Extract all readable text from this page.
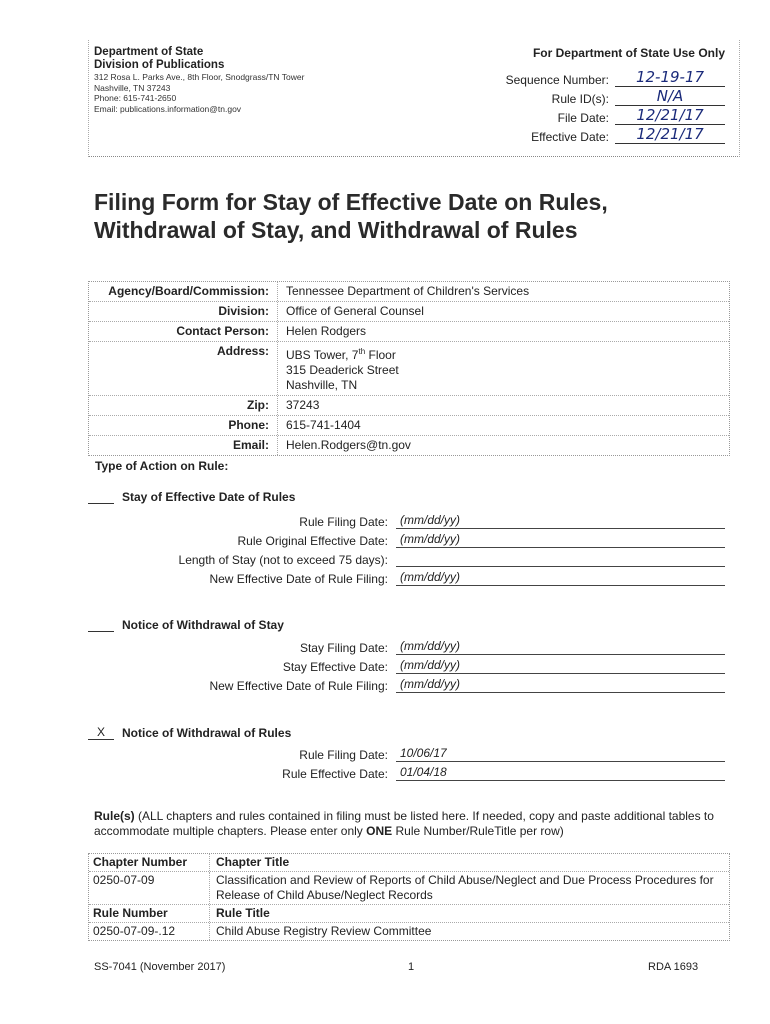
Department of State
Division of Publications
312 Rosa L. Parks Ave., 8th Floor, Snodgrass/TN Tower
Nashville, TN 37243
Phone: 615-741-2650
Email: publications.information@tn.gov
For Department of State Use Only
Sequence Number:	12-19-17
Rule ID(s):	N/A
File Date:	12/21/17
Effective Date:	12/21/17
Filing Form for Stay of Effective Date on Rules,
Withdrawal of Stay, and Withdrawal of Rules
Agency/Board/Commission:	Tennessee Department of Children's Services
Division:	Office of General Counsel
Contact Person:	Helen Rodgers
Address:	UBS Tower, 7th Floor
315 Deaderick Street
Nashville, TN
Zip:	37243
Phone:	615-741-1404
Email:	Helen.Rodgers@tn.gov
Type of Action on Rule:
Stay of Effective Date of Rules
Rule Filing Date:	(mm/dd/yy)
Rule Original Effective Date:	(mm/dd/yy)
Length of Stay (not to exceed 75 days):
New Effective Date of Rule Filing:	(mm/dd/yy)
Notice of Withdrawal of Stay
Stay Filing Date:	(mm/dd/yy)
Stay Effective Date:	(mm/dd/yy)
New Effective Date of Rule Filing:	(mm/dd/yy)
X	Notice of Withdrawal of Rules
Rule Filing Date:	10/06/17
Rule Effective Date:	01/04/18
Rule(s) (ALL chapters and rules contained in filing must be listed here. If needed, copy and paste additional tables to accommodate multiple chapters. Please enter only ONE Rule Number/RuleTitle per row)
Chapter Number	Chapter Title
0250-07-09	Classification and Review of Reports of Child Abuse/Neglect and Due Process Procedures for Release of Child Abuse/Neglect Records
Rule Number	Rule Title
0250-07-09-.12	Child Abuse Registry Review Committee
SS-7041 (November 2017)	1	RDA 1693
